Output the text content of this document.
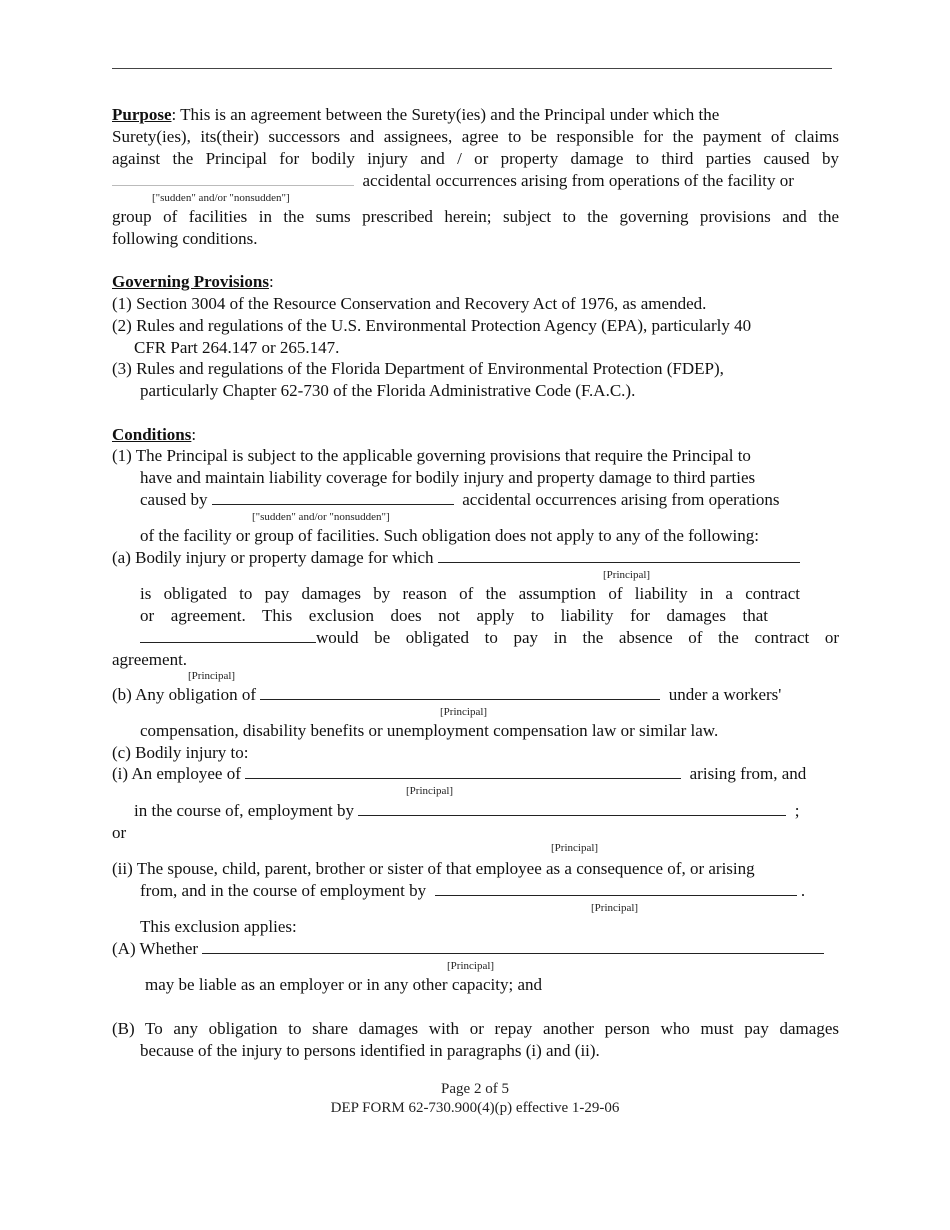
Purpose: This is an agreement between the Surety(ies) and the Principal under which the
Surety(ies), its(their) successors and assignees, agree to be responsible for the payment of claims
against the Principal for bodily injury and / or property damage to third parties caused by
accidental occurrences arising from operations of the facility or
["sudden" and/or "nonsudden"]
group of facilities in the sums prescribed herein; subject to the governing provisions and the
following conditions.
Governing Provisions:
(1) Section 3004 of the Resource Conservation and Recovery Act of 1976, as amended.
(2) Rules and regulations of the U.S. Environmental Protection Agency (EPA), particularly 40
CFR Part 264.147 or 265.147.
(3) Rules and regulations of the Florida Department of Environmental Protection (FDEP),
particularly Chapter 62-730 of the Florida Administrative Code (F.A.C.).
Conditions:
(1) The Principal is subject to the applicable governing provisions that require the Principal to
have and maintain liability coverage for bodily injury and property damage to third parties
caused by	accidental occurrences arising from operations
["sudden" and/or "nonsudden"]
of the facility or group of facilities. Such obligation does not apply to any of the following:
(a) Bodily injury or property damage for which
[Principal]
is obligated to pay damages by reason of the assumption of liability in a contract
or agreement. This exclusion does not apply to liability for damages that
would be obligated to pay in the absence of the contract or
agreement.
[Principal]
(b) Any obligation of	under a workers'
[Principal]
compensation, disability benefits or unemployment compensation law or similar law.
(c) Bodily injury to:
(i) An employee of	arising from, and
[Principal]
in the course of, employment by	;
or
[Principal]
(ii) The spouse, child, parent, brother or sister of that employee as a consequence of, or arising
from, and in the course of employment by	.
[Principal]
This exclusion applies:
(A) Whether
[Principal]
may be liable as an employer or in any other capacity; and
(B) To any obligation to share damages with or repay another person who must pay damages
because of the injury to persons identified in paragraphs (i) and (ii).
Page 2 of 5
DEP FORM 62-730.900(4)(p) effective 1-29-06
